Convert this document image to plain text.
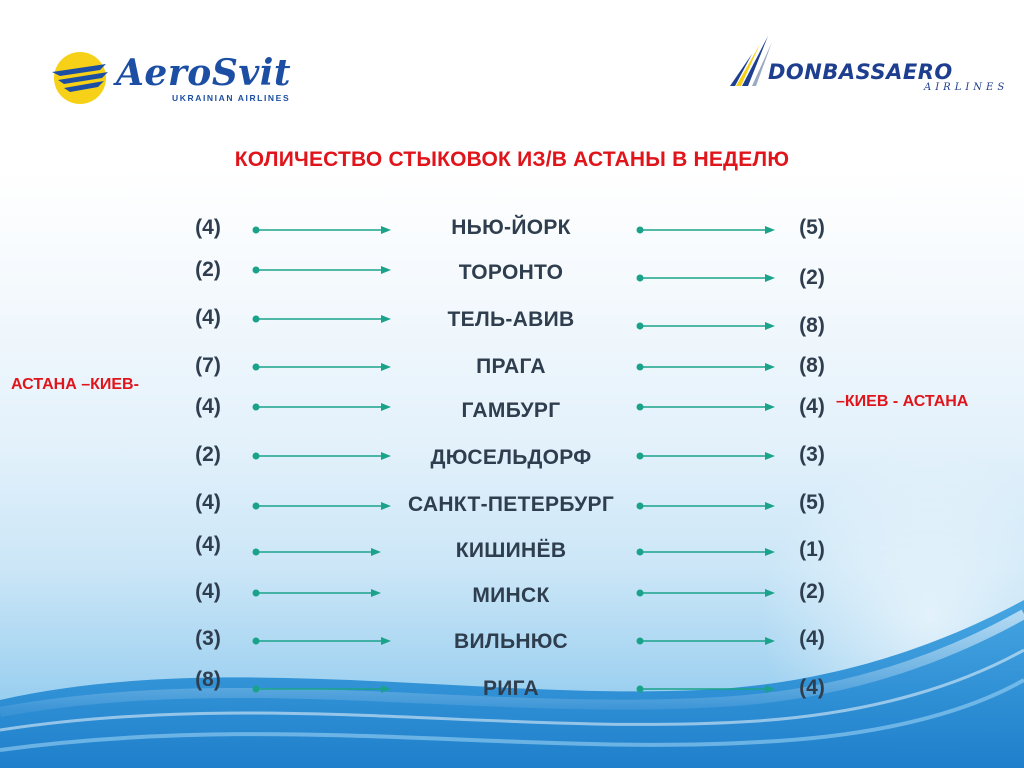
AeroSvit
UKRAINIAN AIRLINES
DONBASSAERO
AIRLINES
КОЛИЧЕСТВО СТЫКОВОК ИЗ/В АСТАНЫ В НЕДЕЛЮ
АСТАНА –КИЕВ-
–КИЕВ - АСТАНА
(4)	НЬЮ-ЙОРК	(5)
(2)	ТОРОНТО	(2)
(4)	ТЕЛЬ-АВИВ	(8)
(7)	ПРАГА	(8)
(4)	ГАМБУРГ	(4)
(2)	ДЮСЕЛЬДОРФ	(3)
(4)	САНКТ-ПЕТЕРБУРГ	(5)
(4)	КИШИНЁВ	(1)
(4)	МИНСК	(2)
(3)	ВИЛЬНЮС	(4)
(8)	РИГА	(4)
